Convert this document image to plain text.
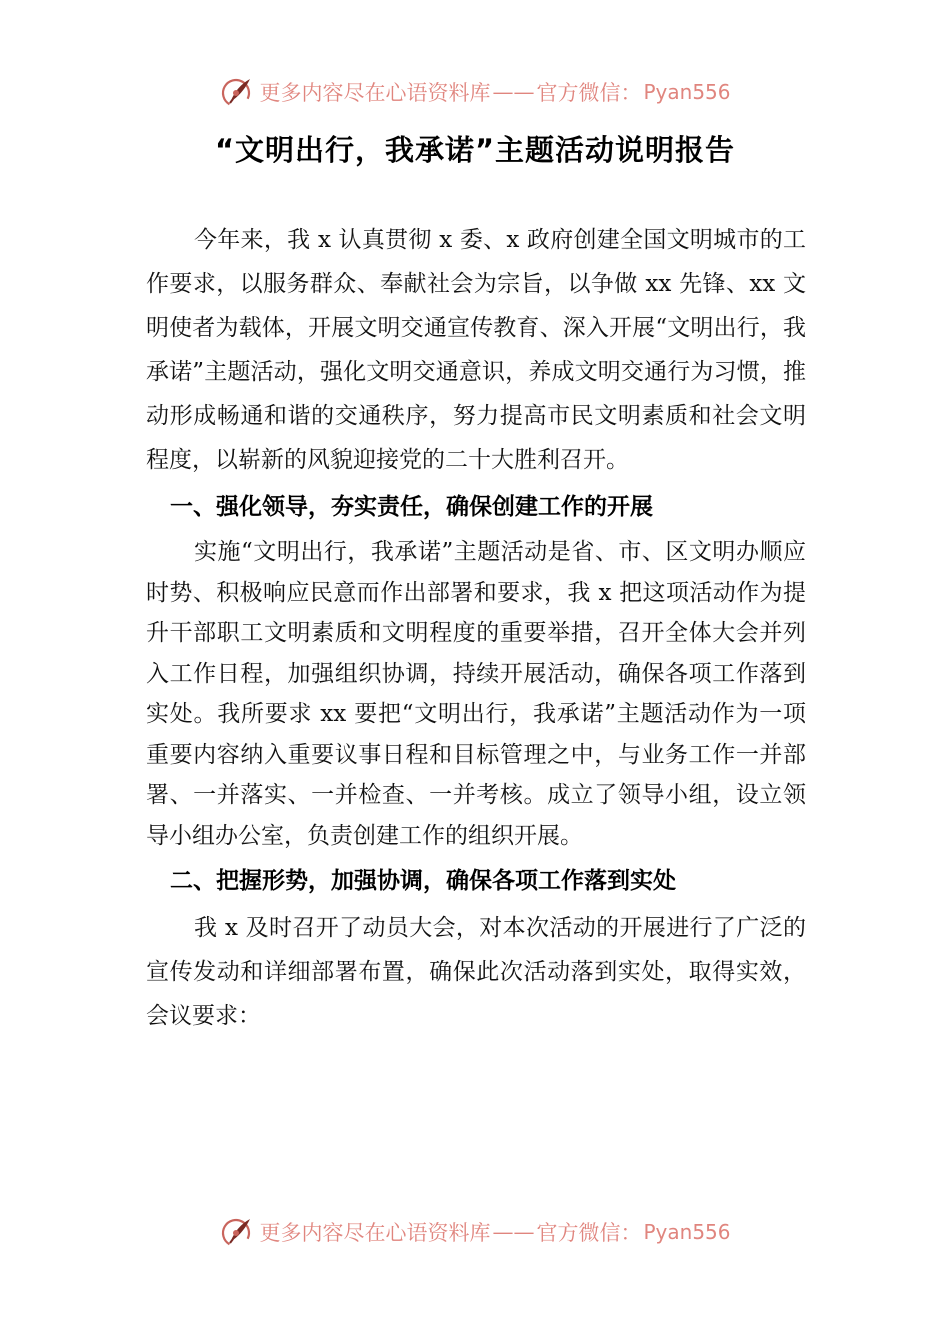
更多内容尽在心语资料库 —— 官方微信： Pyan556
“文明出行，我承诺”主题活动说明报告

今年来，我 x 认真贯彻 x 委、x 政府创建全国文明城市的工作要求，以服务群众、奉献社会为宗旨，以争做 xx 先锋、xx 文明使者为载体，开展文明交通宣传教育、深入开展“文明出行，我承诺”主题活动，强化文明交通意识，养成文明交通行为习惯，推动形成畅通和谐的交通秩序，努力提高市民文明素质和社会文明程度，以崭新的风貌迎接党的二十大胜利召开。

一、强化领导，夯实责任，确保创建工作的开展

实施“文明出行，我承诺”主题活动是省、市、区文明办顺应时势、积极响应民意而作出部署和要求，我 x 把这项活动作为提升干部职工文明素质和文明程度的重要举措，召开全体大会并列入工作日程，加强组织协调，持续开展活动，确保各项工作落到实处。我所要求 xx 要把“文明出行，我承诺”主题活动作为一项重要内容纳入重要议事日程和目标管理之中，与业务工作一并部署、一并落实、一并检查、一并考核。成立了领导小组，设立领导小组办公室，负责创建工作的组织开展。

二、把握形势，加强协调，确保各项工作落到实处

我 x 及时召开了动员大会，对本次活动的开展进行了广泛的宣传发动和详细部署布置，确保此次活动落到实处，取得实效，会议要求：

更多内容尽在心语资料库 —— 官方微信： Pyan556
